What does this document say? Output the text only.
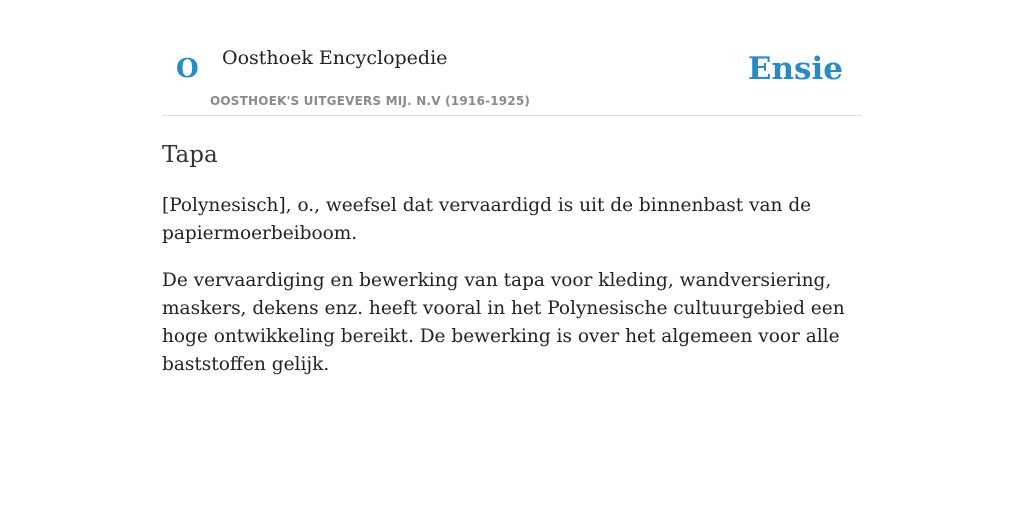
O Oosthoek Encyclopedie
OOSTHOEK'S UITGEVERS MIJ. N.V (1916-1925)
Ensie
Tapa

[Polynesisch], o., weefsel dat vervaardigd is uit de binnenbast van de papiermoerbeiboom.

De vervaardiging en bewerking van tapa voor kleding, wandversiering, maskers, dekens enz. heeft vooral in het Polynesische cultuurgebied een hoge ontwikkeling bereikt. De bewerking is over het algemeen voor alle baststoffen gelijk.
